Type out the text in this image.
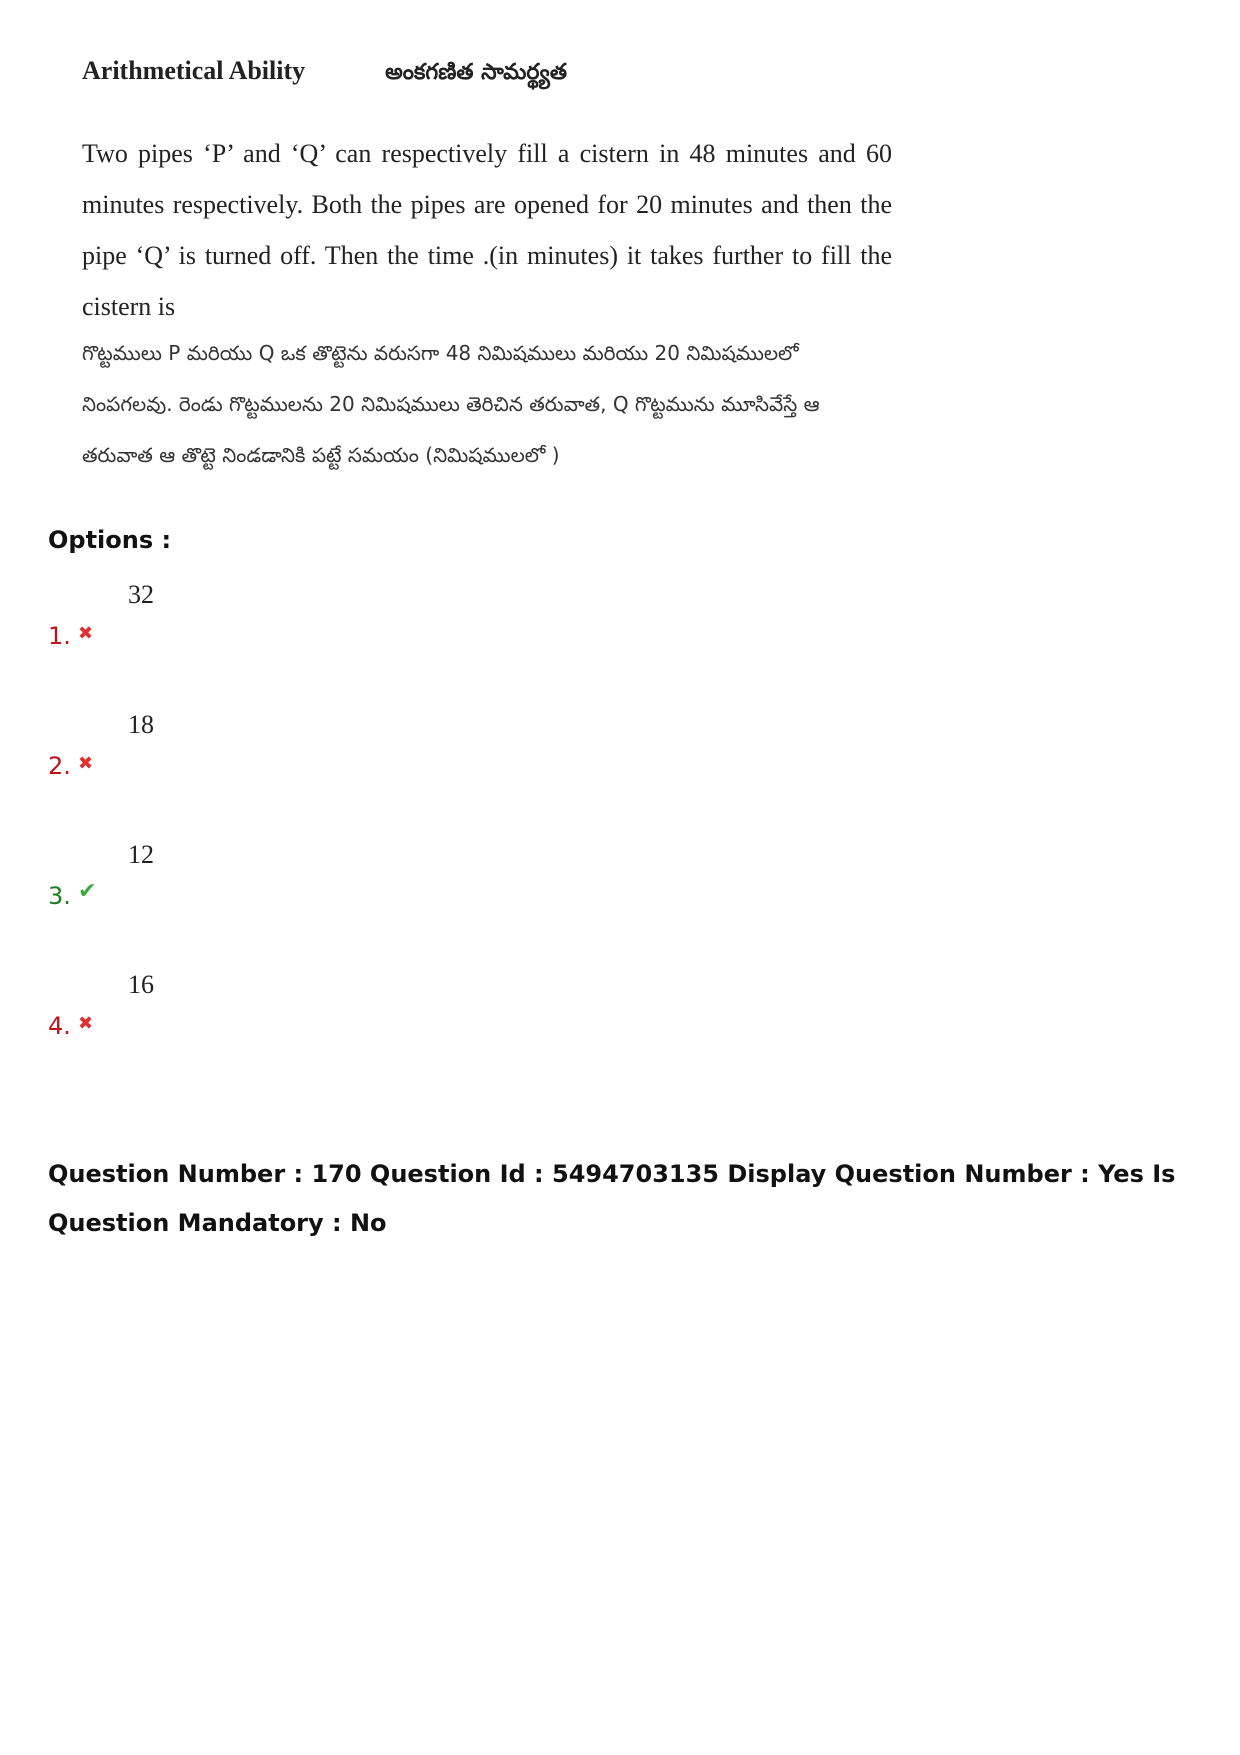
Arithmetical Ability	అంకగణిత సామర్థ్యత
Two pipes ‘P’ and ‘Q’ can respectively fill a cistern in 48 minutes and 60 minutes respectively. Both the pipes are opened for 20 minutes and then the pipe ‘Q’ is turned off. Then the time .(in minutes) it takes further to fill the cistern is
గొట్టములు P మరియు Q ఒక తొట్టెను వరుసగా 48 నిమిషములు మరియు 20 నిమిషములలో నింపగలవు. రెండు గొట్టములను 20 నిమిషములు తెరిచిన తరువాత, Q గొట్టమును మూసివేస్తే ఆ తరువాత ఆ తొట్టె నిండడానికి పట్టే సమయం (నిమిషములలో )
Options :
1. ✖
32
2. ✖
18
3. ✔
12
4. ✖
16
Question Number : 170 Question Id : 5494703135 Display Question Number : Yes Is Question Mandatory : No
